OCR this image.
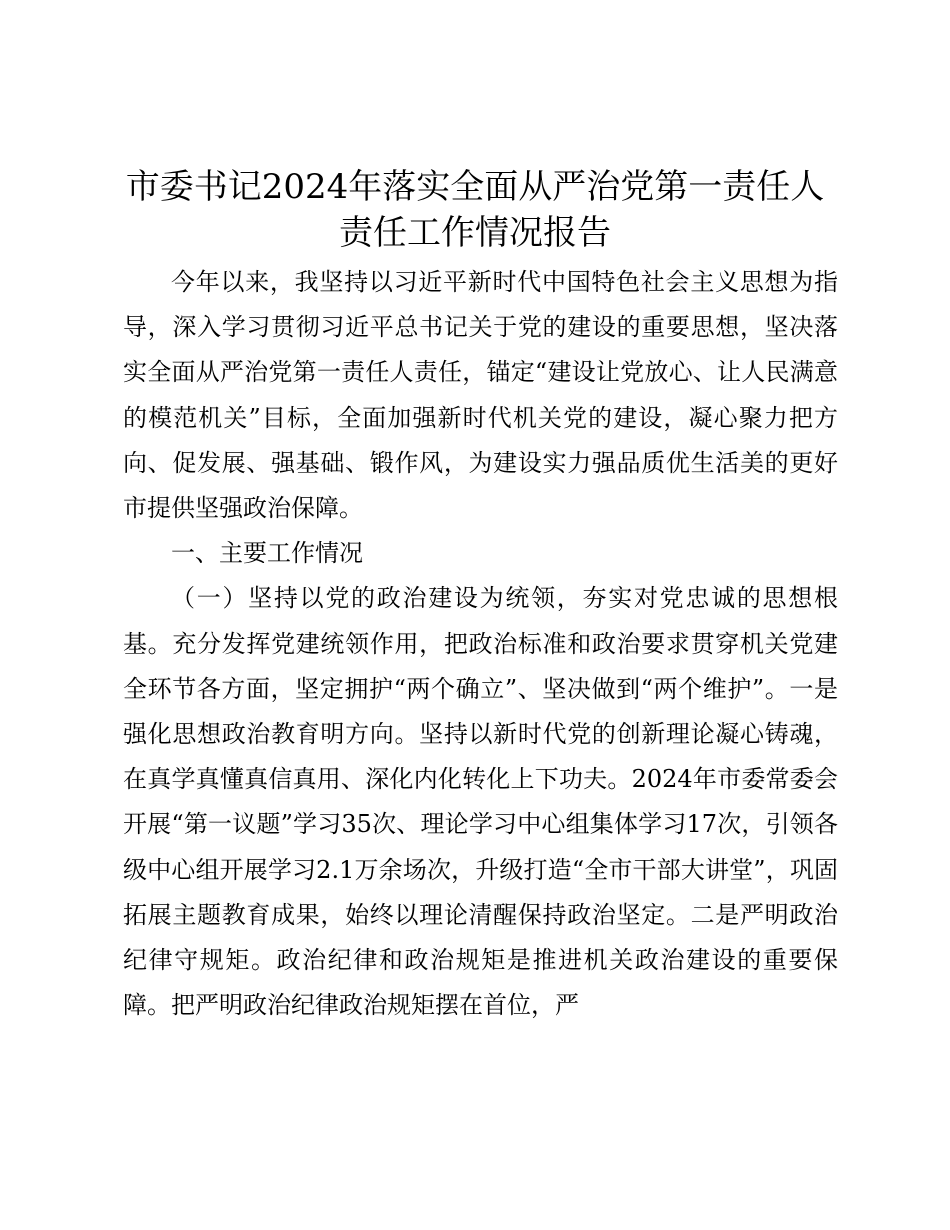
市委书记2024年落实全面从严治党第一责任人
责任工作情况报告

今年以来，我坚持以习近平新时代中国特色社会主义思想为指导，深入学习贯彻习近平总书记关于党的建设的重要思想，坚决落实全面从严治党第一责任人责任，锚定“建设让党放心、让人民满意的模范机关”目标，全面加强新时代机关党的建设，凝心聚力把方向、促发展、强基础、锻作风，为建设实力强品质优生活美的更好市提供坚强政治保障。

一、主要工作情况

（一）坚持以党的政治建设为统领，夯实对党忠诚的思想根基。充分发挥党建统领作用，把政治标准和政治要求贯穿机关党建全环节各方面，坚定拥护“两个确立”、坚决做到“两个维护”。一是强化思想政治教育明方向。坚持以新时代党的创新理论凝心铸魂，在真学真懂真信真用、深化内化转化上下功夫。2024年市委常委会开展“第一议题”学习35次、理论学习中心组集体学习17次，引领各级中心组开展学习2.1万余场次，升级打造“全市干部大讲堂”，巩固拓展主题教育成果，始终以理论清醒保持政治坚定。二是严明政治纪律守规矩。政治纪律和政治规矩是推进机关政治建设的重要保障。把严明政治纪律政治规矩摆在首位，严
